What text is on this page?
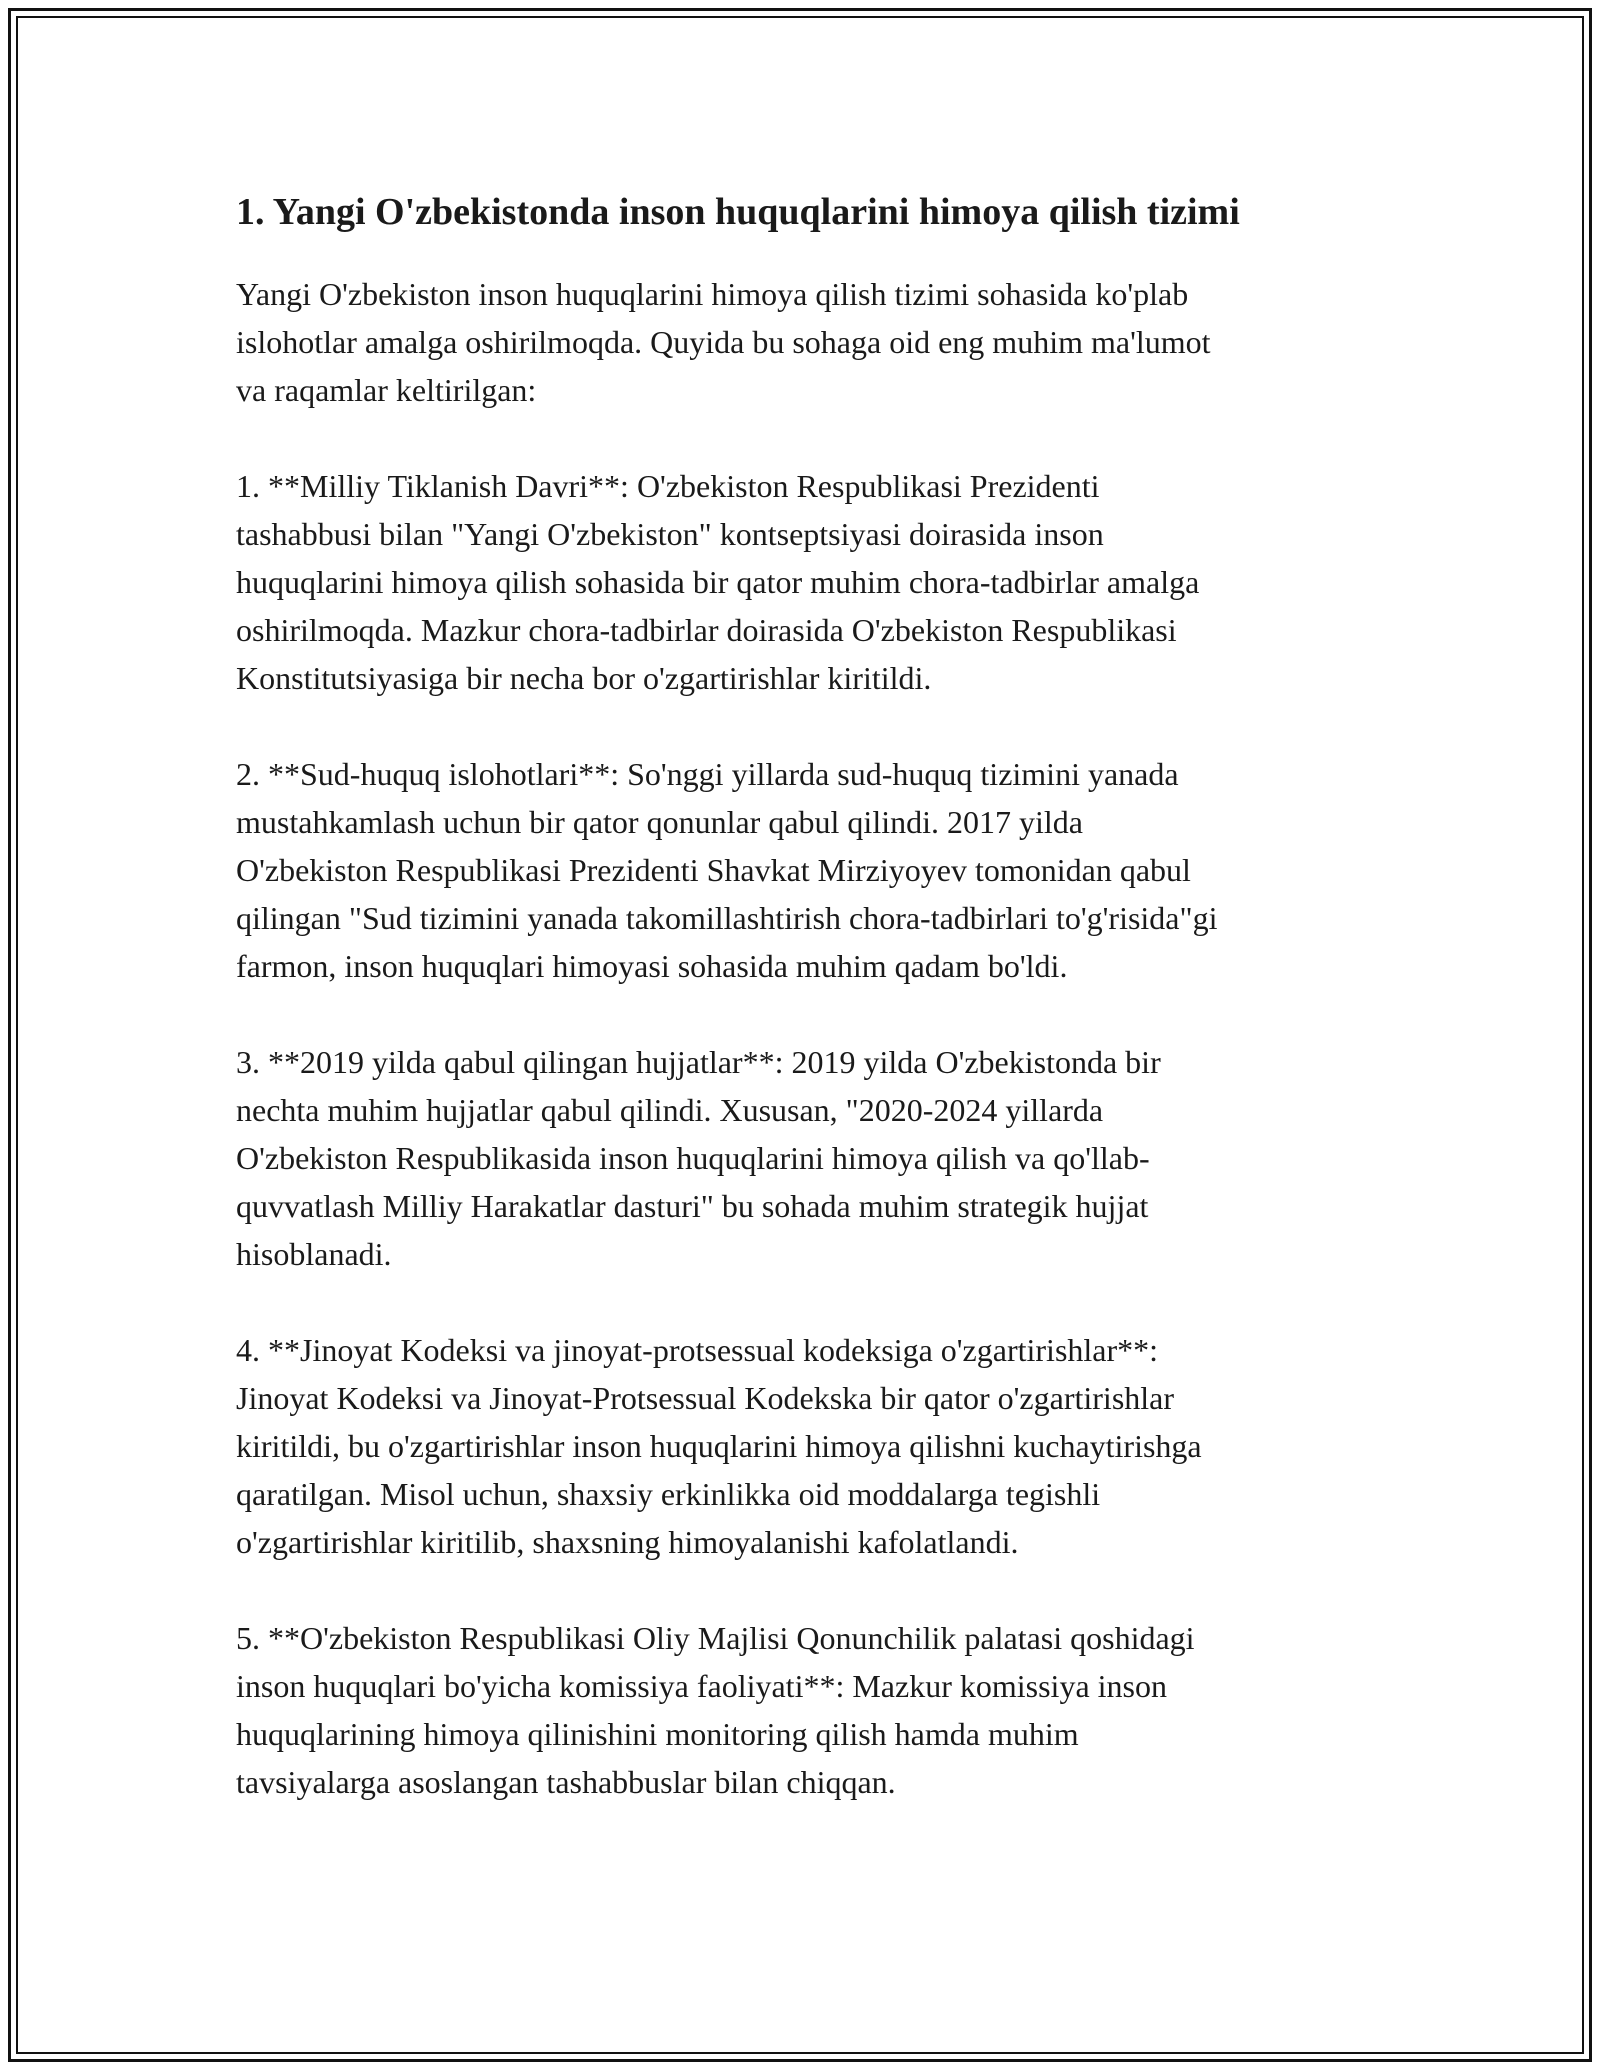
1. Yangi O'zbekistonda inson huquqlarini himoya qilish tizimi

Yangi O'zbekiston inson huquqlarini himoya qilish tizimi sohasida ko'plab
islohotlar amalga oshirilmoqda. Quyida bu sohaga oid eng muhim ma'lumot
va raqamlar keltirilgan:

1. **Milliy Tiklanish Davri**: O'zbekiston Respublikasi Prezidenti
tashabbusi bilan "Yangi O'zbekiston" kontseptsiyasi doirasida inson
huquqlarini himoya qilish sohasida bir qator muhim chora-tadbirlar amalga
oshirilmoqda. Mazkur chora-tadbirlar doirasida O'zbekiston Respublikasi
Konstitutsiyasiga bir necha bor o'zgartirishlar kiritildi.

2. **Sud-huquq islohotlari**: So'nggi yillarda sud-huquq tizimini yanada
mustahkamlash uchun bir qator qonunlar qabul qilindi. 2017 yilda
O'zbekiston Respublikasi Prezidenti Shavkat Mirziyoyev tomonidan qabul
qilingan "Sud tizimini yanada takomillashtirish chora-tadbirlari to'g'risida"gi
farmon, inson huquqlari himoyasi sohasida muhim qadam bo'ldi.

3. **2019 yilda qabul qilingan hujjatlar**: 2019 yilda O'zbekistonda bir
nechta muhim hujjatlar qabul qilindi. Xususan, "2020-2024 yillarda
O'zbekiston Respublikasida inson huquqlarini himoya qilish va qo'llab-
quvvatlash Milliy Harakatlar dasturi" bu sohada muhim strategik hujjat
hisoblanadi.

4. **Jinoyat Kodeksi va jinoyat-protsessual kodeksiga o'zgartirishlar**:
Jinoyat Kodeksi va Jinoyat-Protsessual Kodekska bir qator o'zgartirishlar
kiritildi, bu o'zgartirishlar inson huquqlarini himoya qilishni kuchaytirishga
qaratilgan. Misol uchun, shaxsiy erkinlikka oid moddalarga tegishli
o'zgartirishlar kiritilib, shaxsning himoyalanishi kafolatlandi.

5. **O'zbekiston Respublikasi Oliy Majlisi Qonunchilik palatasi qoshidagi
inson huquqlari bo'yicha komissiya faoliyati**: Mazkur komissiya inson
huquqlarining himoya qilinishini monitoring qilish hamda muhim
tavsiyalarga asoslangan tashabbuslar bilan chiqqan.
